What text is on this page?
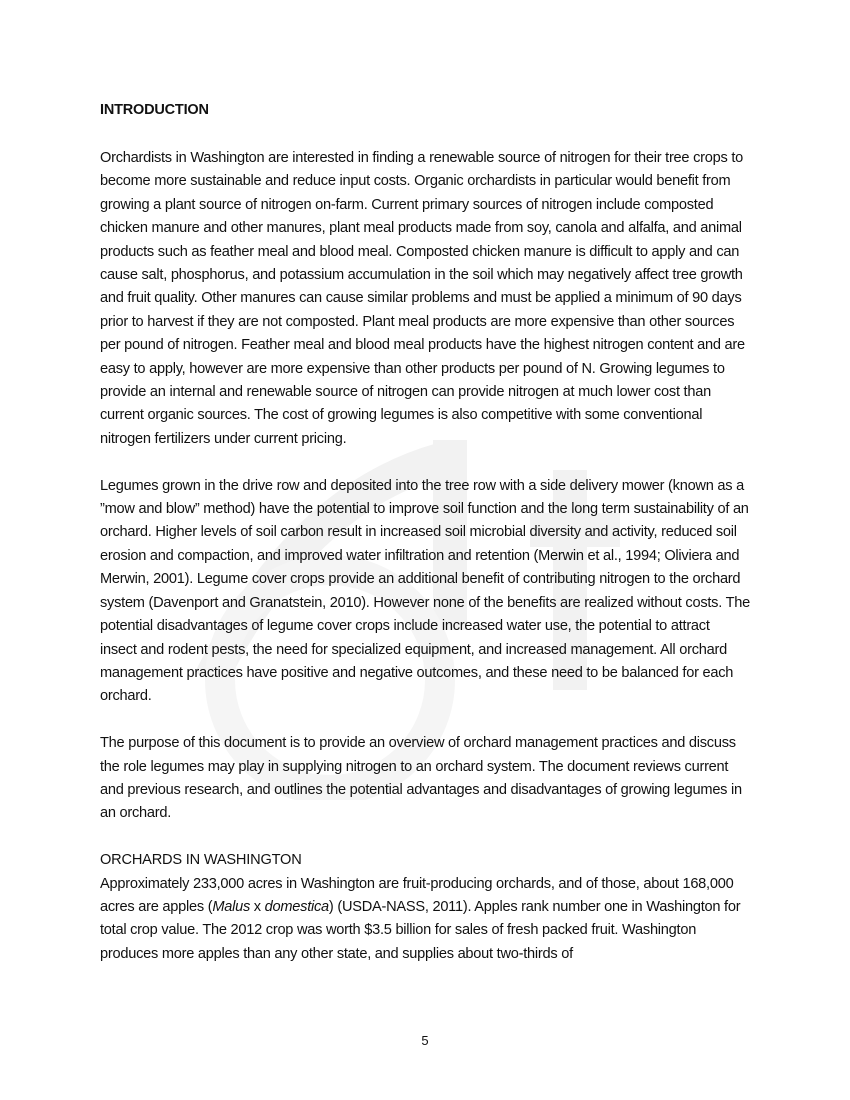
INTRODUCTION

Orchardists in Washington are interested in finding a renewable source of nitrogen for their tree crops to become more sustainable and reduce input costs. Organic orchardists in particular would benefit from growing a plant source of nitrogen on-farm. Current primary sources of nitrogen include composted chicken manure and other manures, plant meal products made from soy, canola and alfalfa, and animal products such as feather meal and blood meal. Composted chicken manure is difficult to apply and can cause salt, phosphorus, and potassium accumulation in the soil which may negatively affect tree growth and fruit quality. Other manures can cause similar problems and must be applied a minimum of 90 days prior to harvest if they are not composted. Plant meal products are more expensive than other sources per pound of nitrogen. Feather meal and blood meal products have the highest nitrogen content and are easy to apply, however are more expensive than other products per pound of N. Growing legumes to provide an internal and renewable source of nitrogen can provide nitrogen at much lower cost than current organic sources. The cost of growing legumes is also competitive with some conventional nitrogen fertilizers under current pricing.

Legumes grown in the drive row and deposited into the tree row with a side delivery mower (known as a ”mow and blow” method) have the potential to improve soil function and the long term sustainability of an orchard. Higher levels of soil carbon result in increased soil microbial diversity and activity, reduced soil erosion and compaction, and improved water infiltration and retention (Merwin et al., 1994; Oliviera and Merwin, 2001). Legume cover crops provide an additional benefit of contributing nitrogen to the orchard system (Davenport and Granatstein, 2010). However none of the benefits are realized without costs. The potential disadvantages of legume cover crops include increased water use, the potential to attract insect and rodent pests, the need for specialized equipment, and increased management. All orchard management practices have positive and negative outcomes, and these need to be balanced for each orchard.

The purpose of this document is to provide an overview of orchard management practices and discuss the role legumes may play in supplying nitrogen to an orchard system. The document reviews current and previous research, and outlines the potential advantages and disadvantages of growing legumes in an orchard.

ORCHARDS IN WASHINGTON

Approximately 233,000 acres in Washington are fruit-producing orchards, and of those, about 168,000 acres are apples (Malus x domestica) (USDA-NASS, 2011). Apples rank number one in Washington for total crop value. The 2012 crop was worth $3.5 billion for sales of fresh packed fruit. Washington produces more apples than any other state, and supplies about two-thirds of

5
